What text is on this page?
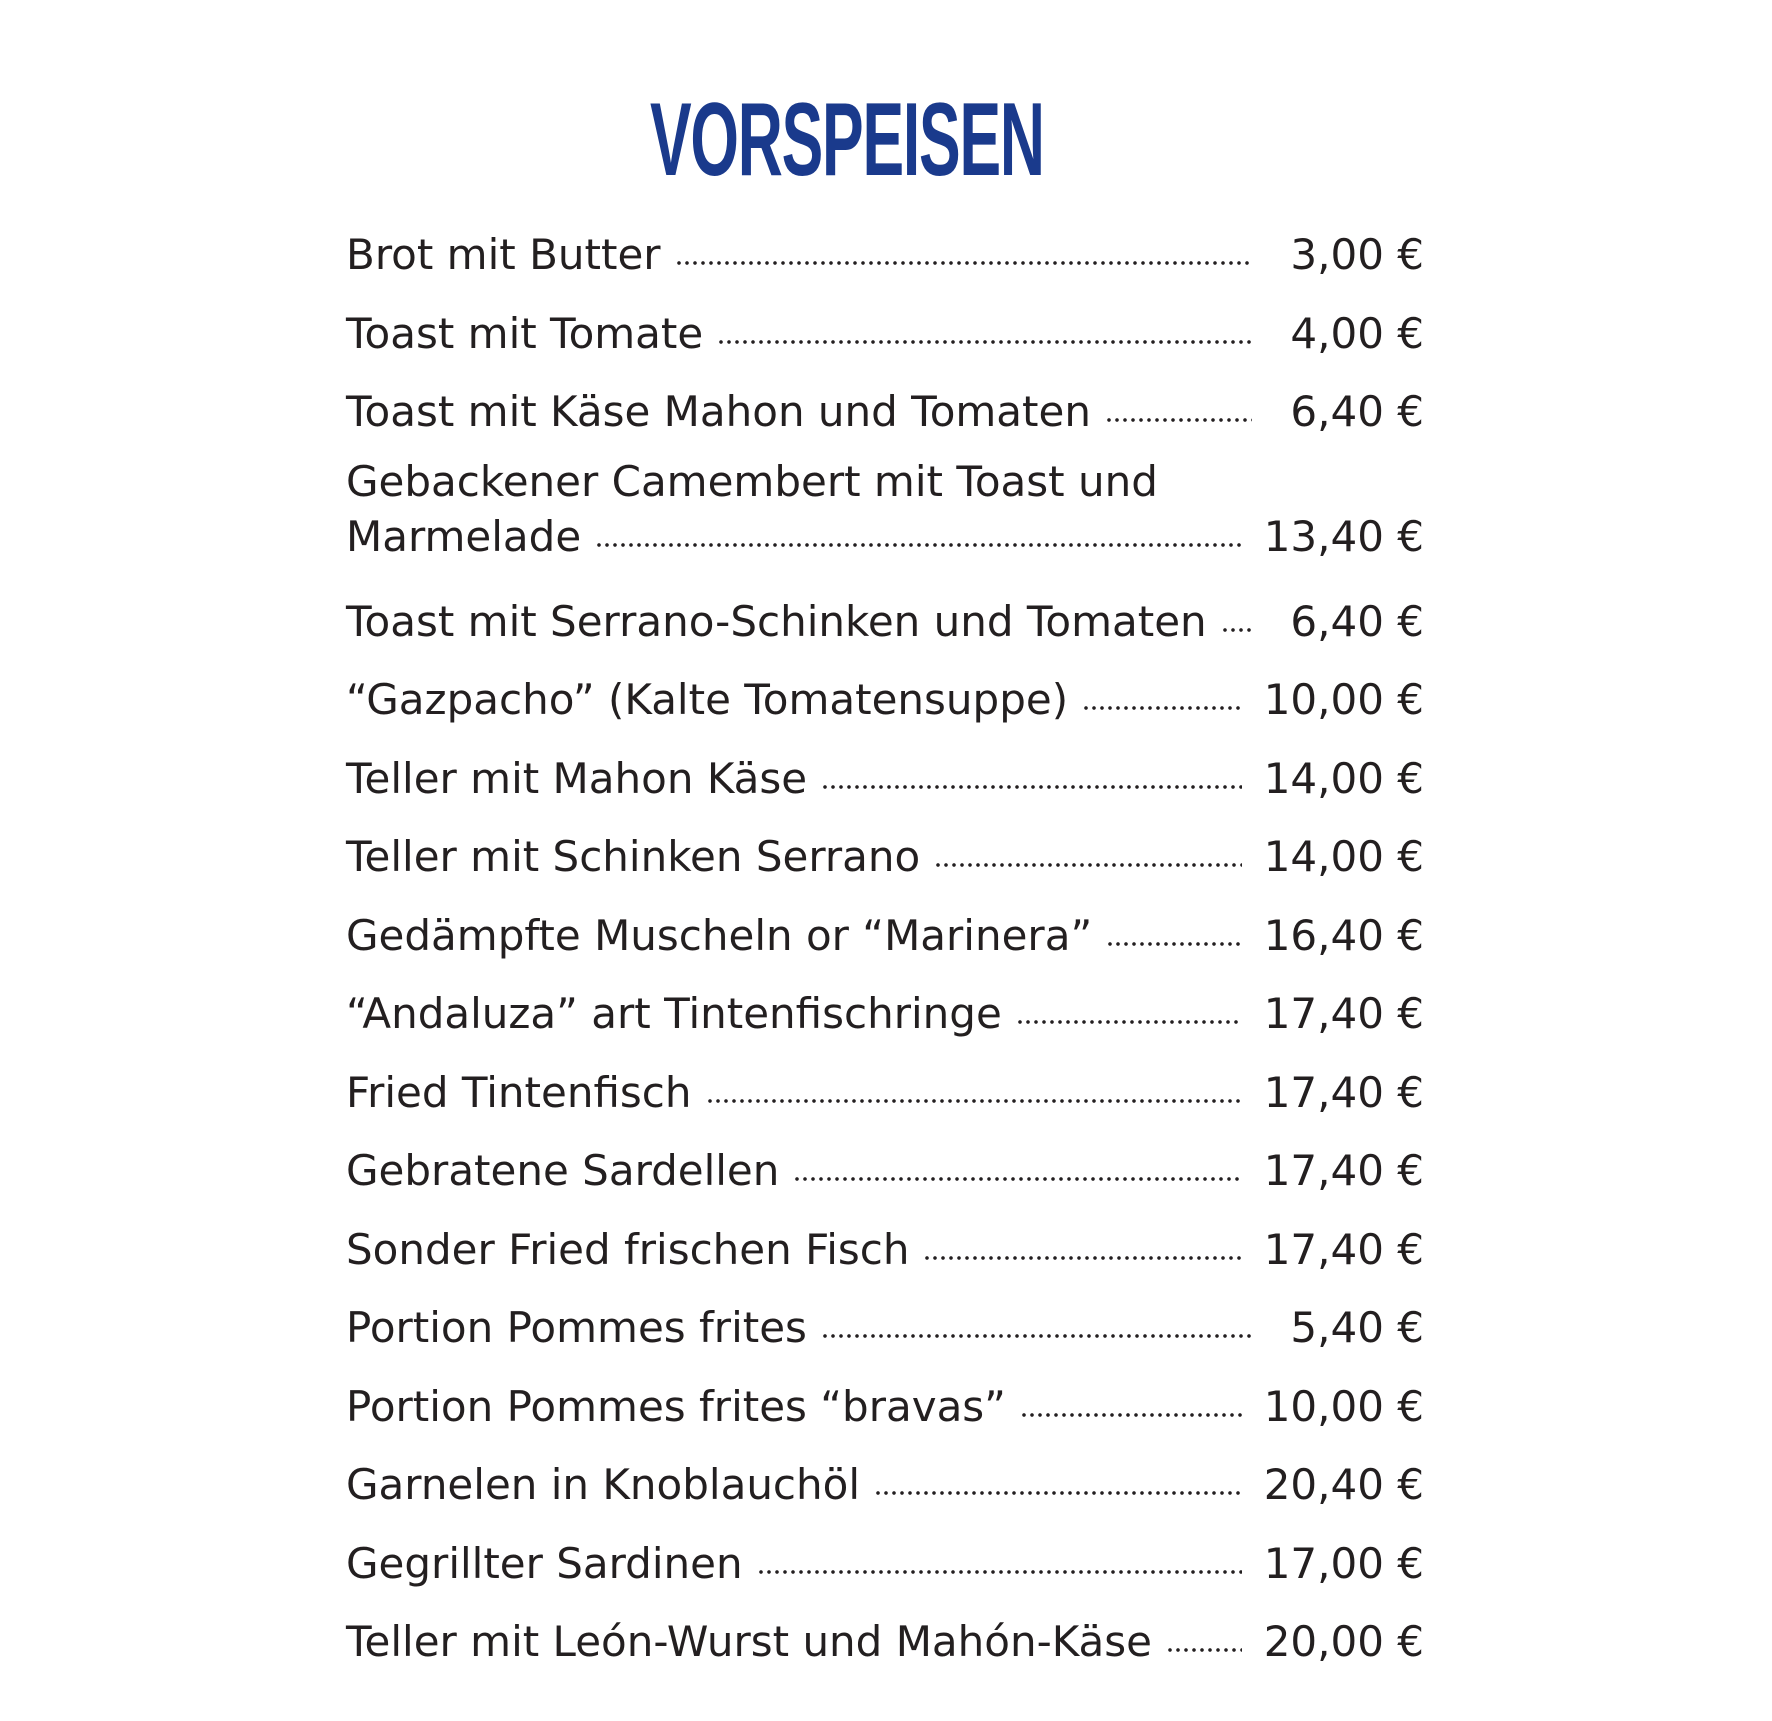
VORSPEISEN
Brot mit Butter	3,00 €
Toast mit Tomate	4,00 €
Toast mit Käse Mahon und Tomaten	6,40 €
Gebackener Camembert mit Toast und
Marmelade	13,40 €
Toast mit Serrano-Schinken und Tomaten	6,40 €
“Gazpacho” (Kalte Tomatensuppe)	10,00 €
Teller mit Mahon Käse	14,00 €
Teller mit Schinken Serrano	14,00 €
Gedämpfte Muscheln or “Marinera”	16,40 €
“Andaluza” art Tintenfischringe	17,40 €
Fried Tintenfisch	17,40 €
Gebratene Sardellen	17,40 €
Sonder Fried frischen Fisch	17,40 €
Portion Pommes frites	5,40 €
Portion Pommes frites “bravas”	10,00 €
Garnelen in Knoblauchöl	20,40 €
Gegrillter Sardinen	17,00 €
Teller mit León-Wurst und Mahón-Käse	20,00 €
